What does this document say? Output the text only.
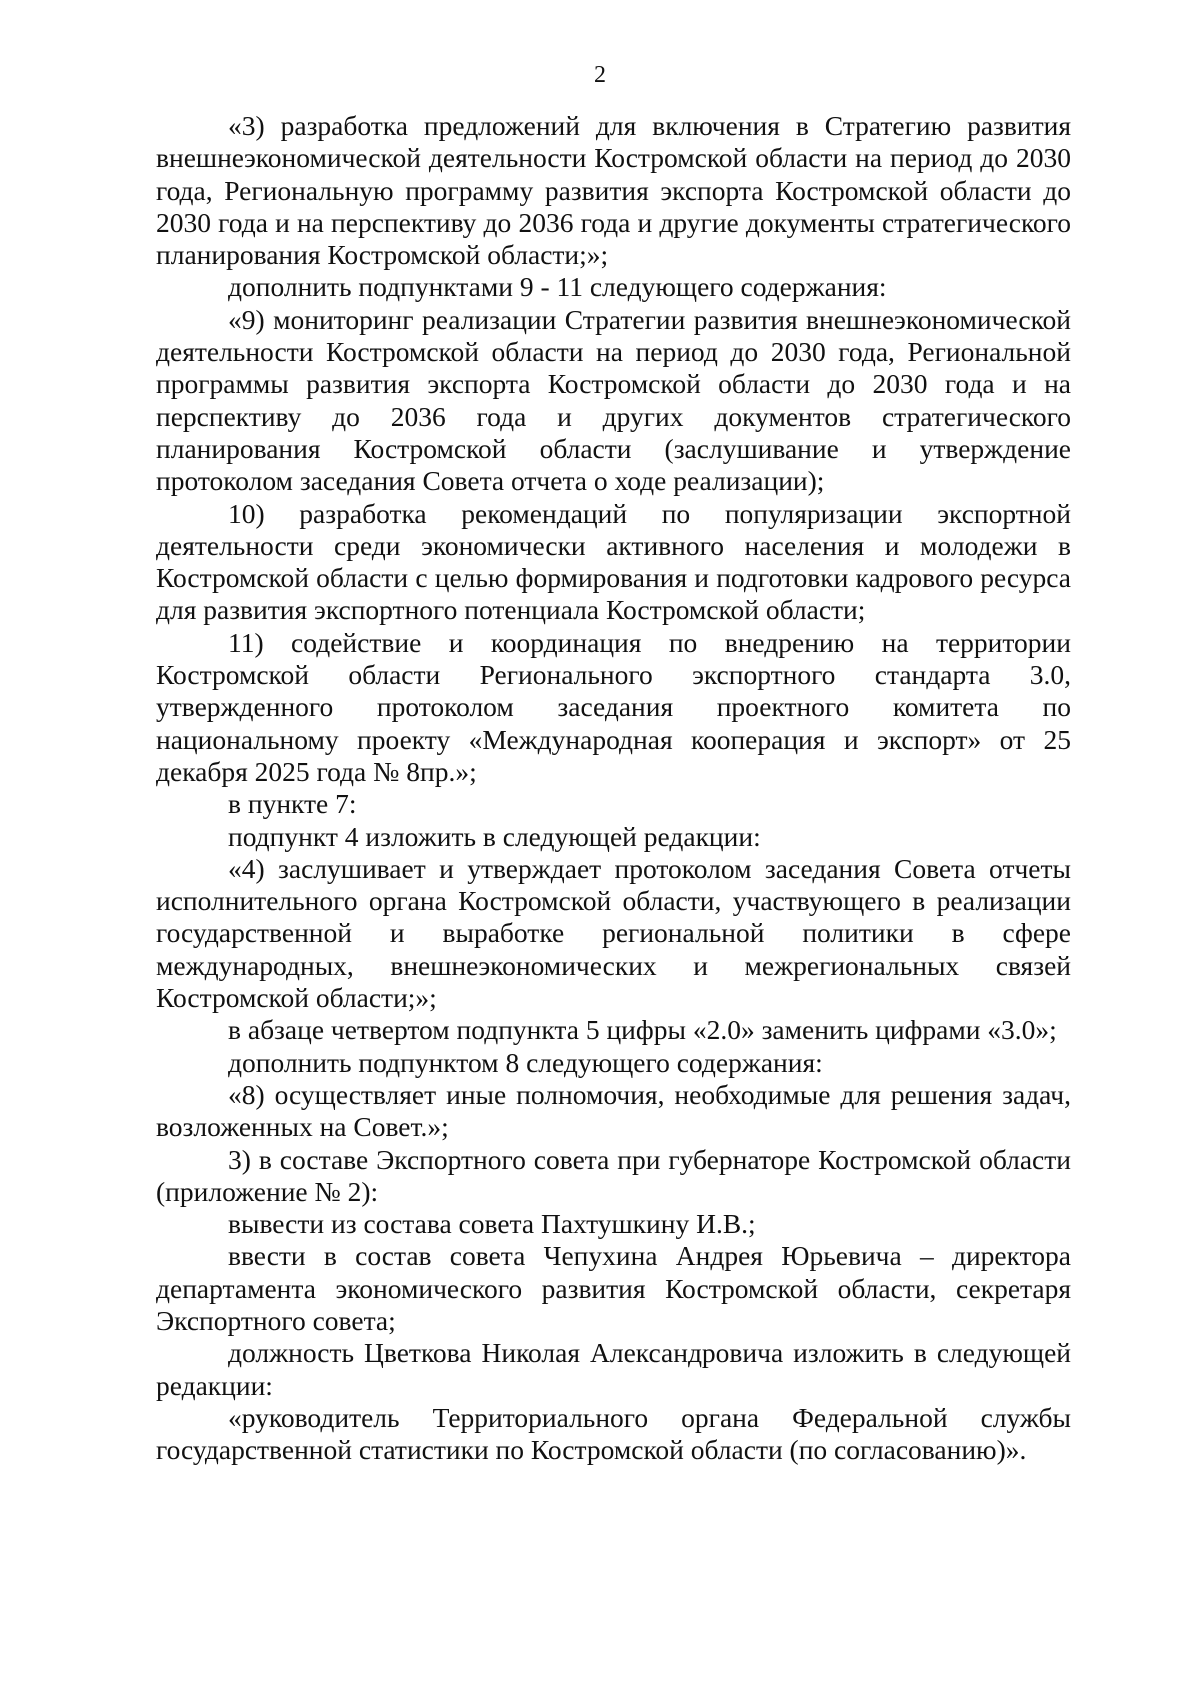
2

«3) разработка предложений для включения в Стратегию развития внешнеэкономической деятельности Костромской области на период до 2030 года, Региональную программу развития экспорта Костромской области до 2030 года и на перспективу до 2036 года и другие документы стратегического планирования Костромской области;»;

дополнить подпунктами 9 - 11 следующего содержания:

«9) мониторинг реализации Стратегии развития внешнеэкономической деятельности Костромской области на период до 2030 года, Региональной программы развития экспорта Костромской области до 2030 года и на перспективу до 2036 года и других документов стратегического планирования Костромской области (заслушивание и утверждение протоколом заседания Совета отчета о ходе реализации);

10) разработка рекомендаций по популяризации экспортной деятельности среди экономически активного населения и молодежи в Костромской области с целью формирования и подготовки кадрового ресурса для развития экспортного потенциала Костромской области;

11) содействие и координация по внедрению на территории Костромской области Регионального экспортного стандарта 3.0, утвержденного протоколом заседания проектного комитета по национальному проекту «Международная кооперация и экспорт» от 25 декабря 2025 года № 8пр.»;

в пункте 7:

подпункт 4 изложить в следующей редакции:

«4) заслушивает и утверждает протоколом заседания Совета отчеты исполнительного органа Костромской области, участвующего в реализации государственной и выработке региональной политики в сфере международных, внешнеэкономических и межрегиональных связей Костромской области;»;

в абзаце четвертом подпункта 5 цифры «2.0» заменить цифрами «3.0»;

дополнить подпунктом 8 следующего содержания:

«8) осуществляет иные полномочия, необходимые для решения задач, возложенных на Совет.»;

3) в составе Экспортного совета при губернаторе Костромской области (приложение № 2):

вывести из состава совета Пахтушкину И.В.;

ввести в состав совета Чепухина Андрея Юрьевича – директора департамента экономического развития Костромской области, секретаря Экспортного совета;

должность Цветкова Николая Александровича изложить в следующей редакции:

«руководитель Территориального органа Федеральной службы государственной статистики по Костромской области (по согласованию)».
